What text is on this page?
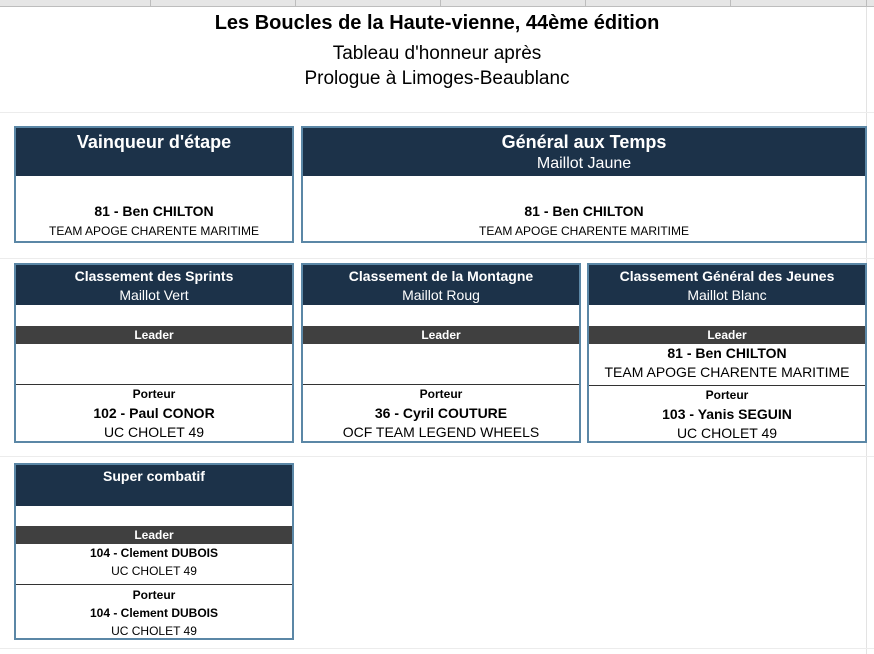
Les Boucles de la Haute-vienne, 44ème édition
Tableau d'honneur après
Prologue à Limoges-Beaublanc
Vainqueur d'étape
81 - Ben CHILTON
TEAM APOGE CHARENTE MARITIME
Général aux Temps
Maillot Jaune
81 - Ben CHILTON
TEAM APOGE CHARENTE MARITIME
Classement des Sprints
Maillot Vert
Leader
Porteur
102 - Paul CONOR
UC CHOLET 49
Classement de la Montagne
Maillot Roug
Leader
Porteur
36 - Cyril COUTURE
OCF TEAM LEGEND WHEELS
Classement Général des Jeunes
Maillot Blanc
Leader
81 - Ben CHILTON
TEAM APOGE CHARENTE MARITIME
Porteur
103 - Yanis SEGUIN
UC CHOLET 49
Super combatif
Leader
104 - Clement DUBOIS
UC CHOLET 49
Porteur
104 - Clement DUBOIS
UC CHOLET 49
